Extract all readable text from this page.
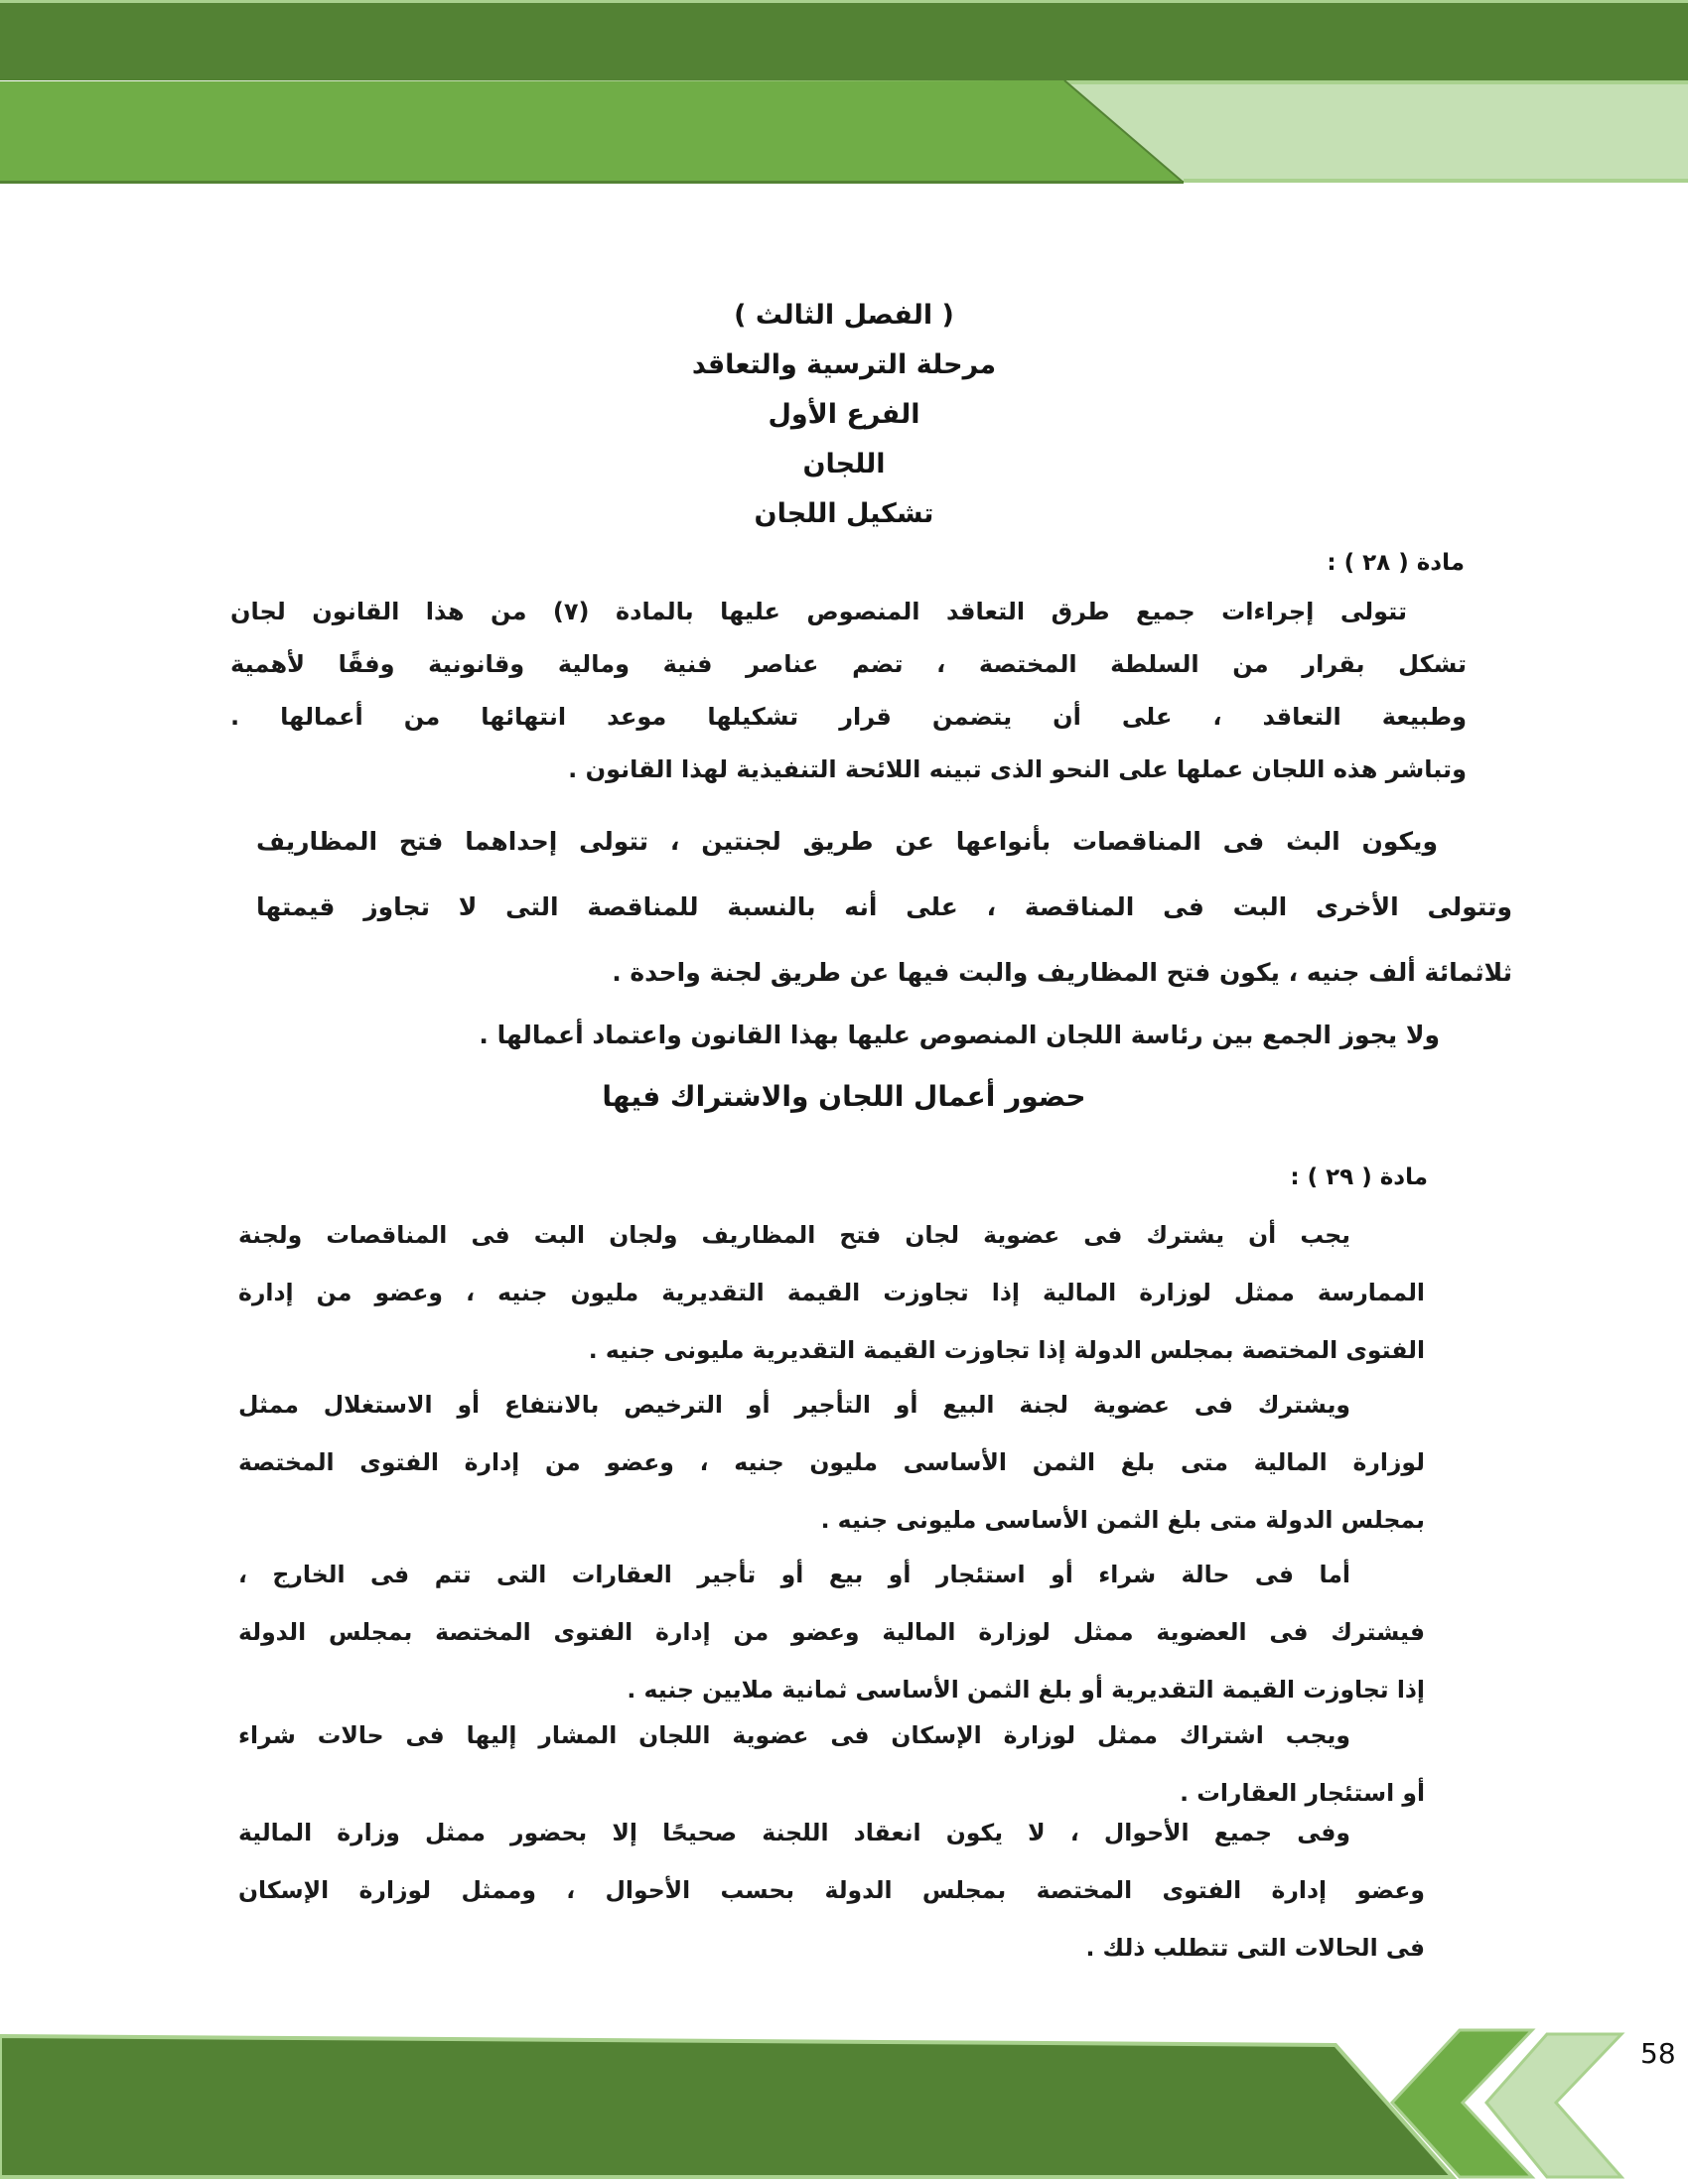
( الفصل الثالث )
مرحلة الترسية والتعاقد
الفرع الأول
اللجان
تشكيل اللجان
مادة ( ٢٨ ) :
تتولى إجراءات جميع طرق التعاقد المنصوص عليها بالمادة (٧) من هذا القانون لجان
تشكل بقرار من السلطة المختصة ، تضم عناصر فنية ومالية وقانونية وفقًا لأهمية
وطبيعة التعاقد ، على أن يتضمن قرار تشكيلها موعد انتهائها من أعمالها .
وتباشر هذه اللجان عملها على النحو الذى تبينه اللائحة التنفيذية لهذا القانون .
ويكون البث فى المناقصات بأنواعها عن طريق لجنتين ، تتولى إحداهما فتح المظاريف
وتتولى الأخرى البت فى المناقصة ، على أنه بالنسبة للمناقصة التى لا تجاوز قيمتها
ثلاثمائة ألف جنيه ، يكون فتح المظاريف والبت فيها عن طريق لجنة واحدة .
ولا يجوز الجمع بين رئاسة اللجان المنصوص عليها بهذا القانون واعتماد أعمالها .
حضور أعمال اللجان والاشتراك فيها
مادة ( ٢٩ ) :
يجب أن يشترك فى عضوية لجان فتح المظاريف ولجان البت فى المناقصات ولجنة
الممارسة ممثل لوزارة المالية إذا تجاوزت القيمة التقديرية مليون جنيه ، وعضو من إدارة
الفتوى المختصة بمجلس الدولة إذا تجاوزت القيمة التقديرية مليونى جنيه .
ويشترك فى عضوية لجنة البيع أو التأجير أو الترخيص بالانتفاع أو الاستغلال ممثل
لوزارة المالية متى بلغ الثمن الأساسى مليون جنيه ، وعضو من إدارة الفتوى المختصة
بمجلس الدولة متى بلغ الثمن الأساسى مليونى جنيه .
أما فى حالة شراء أو استئجار أو بيع أو تأجير العقارات التى تتم فى الخارج ،
فيشترك فى العضوية ممثل لوزارة المالية وعضو من إدارة الفتوى المختصة بمجلس الدولة
إذا تجاوزت القيمة التقديرية أو بلغ الثمن الأساسى ثمانية ملايين جنيه .
ويجب اشتراك ممثل لوزارة الإسكان فى عضوية اللجان المشار إليها فى حالات شراء
أو استئجار العقارات .
وفى جميع الأحوال ، لا يكون انعقاد اللجنة صحيحًا إلا بحضور ممثل وزارة المالية
وعضو إدارة الفتوى المختصة بمجلس الدولة بحسب الأحوال ، وممثل لوزارة الإسكان
فى الحالات التى تتطلب ذلك .
58
